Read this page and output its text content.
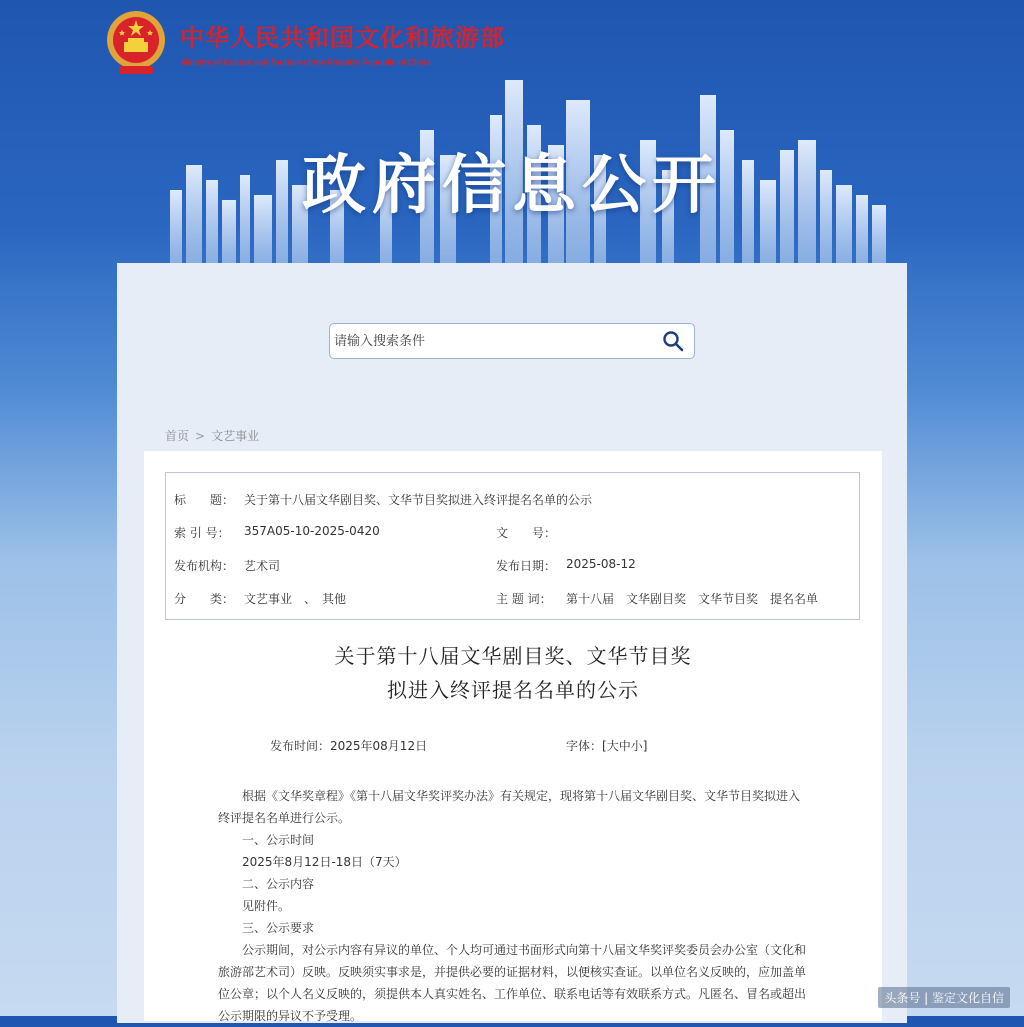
中华人民共和国文化和旅游部
Ministry of Culture and Tourism of the People's Republic of China
政府信息公开
请输入搜索条件
首页 > 文艺事业
标　　题： 关于第十八届文华剧目奖、文华节目奖拟进入终评提名名单的公示
索 引 号： 357A05-10-2025-0420	文　　号：
发布机构： 艺术司	发布日期： 2025-08-12
分　　类： 文艺事业　、　其他	主 题 词： 第十八届　文华剧目奖　文华节目奖　提名名单
关于第十八届文华剧目奖、文华节目奖
拟进入终评提名名单的公示
发布时间：2025年08月12日	字体：[大中小]

　　根据《文华奖章程》《第十八届文华奖评奖办法》有关规定，现将第十八届文华剧目奖、文华节目奖拟进入终评提名名单进行公示。

　　一、公示时间

　　2025年8月12日-18日（7天）

　　二、公示内容

　　见附件。

　　三、公示要求

　　公示期间，对公示内容有异议的单位、个人均可通过书面形式向第十八届文华奖评奖委员会办公室（文化和旅游部艺术司）反映。反映须实事求是，并提供必要的证据材料，以便核实查证。以单位名义反映的，应加盖单位公章；以个人名义反映的，须提供本人真实姓名、工作单位、联系电话等有效联系方式。凡匿名、冒名或超出公示期限的异议不予受理。

头条号 | 鉴定文化自信
